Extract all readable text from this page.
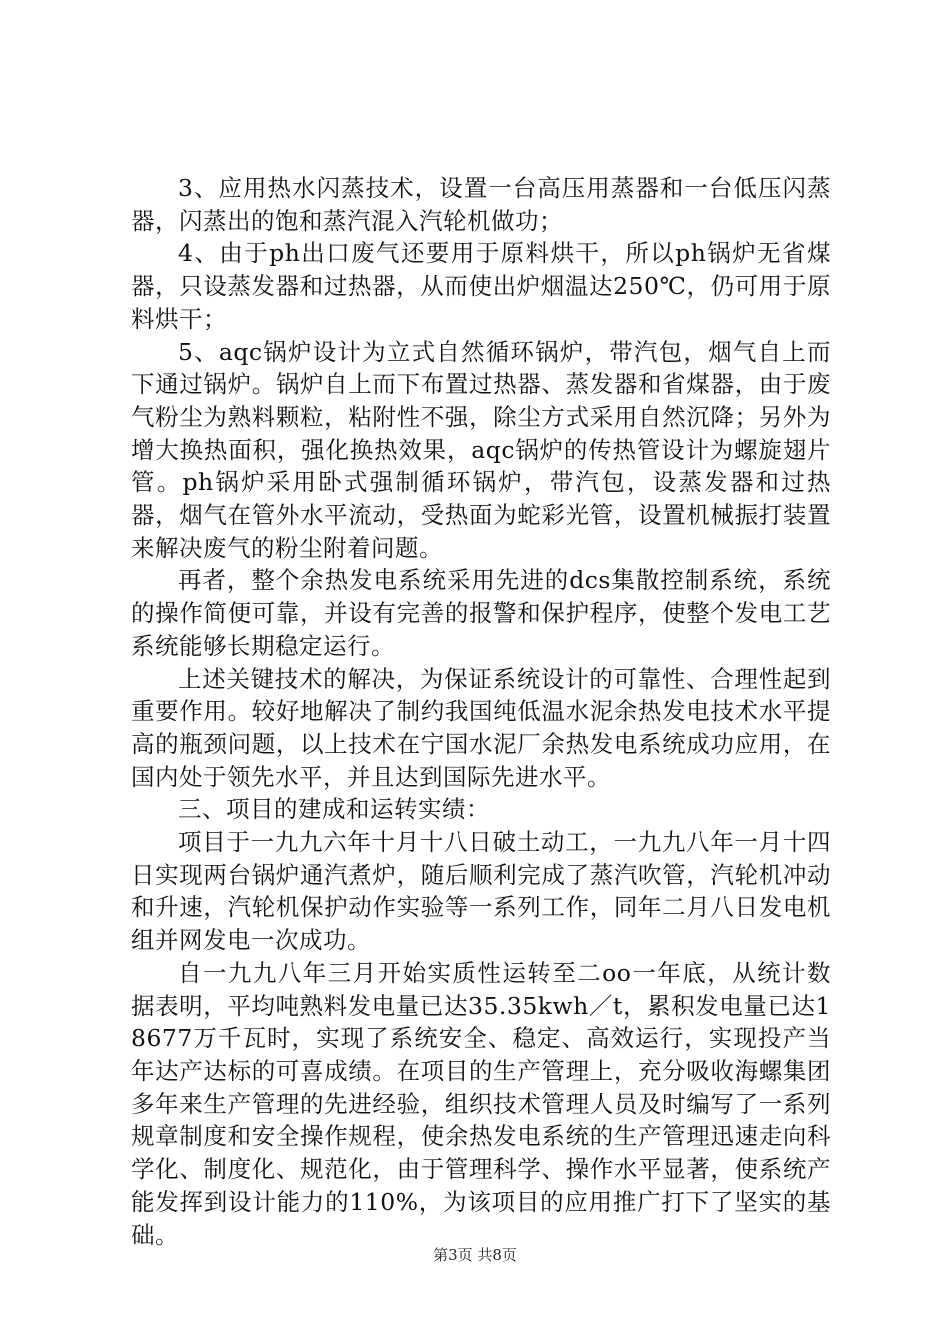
3、应用热水闪蒸技术，设置一台高压用蒸器和一台低压闪蒸器，闪蒸出的饱和蒸汽混入汽轮机做功；

4、由于ph出口废气还要用于原料烘干，所以ph锅炉无省煤器，只设蒸发器和过热器，从而使出炉烟温达250℃，仍可用于原料烘干；

5、aqc锅炉设计为立式自然循环锅炉，带汽包，烟气自上而下通过锅炉。锅炉自上而下布置过热器、蒸发器和省煤器，由于废气粉尘为熟料颗粒，粘附性不强，除尘方式采用自然沉降；另外为增大换热面积，强化换热效果，aqc锅炉的传热管设计为螺旋翅片管。ph锅炉采用卧式强制循环锅炉，带汽包，设蒸发器和过热器，烟气在管外水平流动，受热面为蛇彩光管，设置机械振打装置来解决废气的粉尘附着问题。

再者，整个余热发电系统采用先进的dcs集散控制系统，系统的操作简便可靠，并设有完善的报警和保护程序，使整个发电工艺系统能够长期稳定运行。

上述关键技术的解决，为保证系统设计的可靠性、合理性起到重要作用。较好地解决了制约我国纯低温水泥余热发电技术水平提高的瓶颈问题，以上技术在宁国水泥厂余热发电系统成功应用，在国内处于领先水平，并且达到国际先进水平。

三、项目的建成和运转实绩：

项目于一九九六年十月十八日破土动工，一九九八年一月十四日实现两台锅炉通汽煮炉，随后顺利完成了蒸汽吹管，汽轮机冲动和升速，汽轮机保护动作实验等一系列工作，同年二月八日发电机组并网发电一次成功。

自一九九八年三月开始实质性运转至二oo一年底，从统计数据表明，平均吨熟料发电量已达35.35kwh／t，累积发电量已达18677万千瓦时，实现了系统安全、稳定、高效运行，实现投产当年达产达标的可喜成绩。在项目的生产管理上，充分吸收海螺集团多年来生产管理的先进经验，组织技术管理人员及时编写了一系列规章制度和安全操作规程，使余热发电系统的生产管理迅速走向科学化、制度化、规范化，由于管理科学、操作水平显著，使系统产能发挥到设计能力的110%，为该项目的应用推广打下了坚实的基础。

第3页 共8页
